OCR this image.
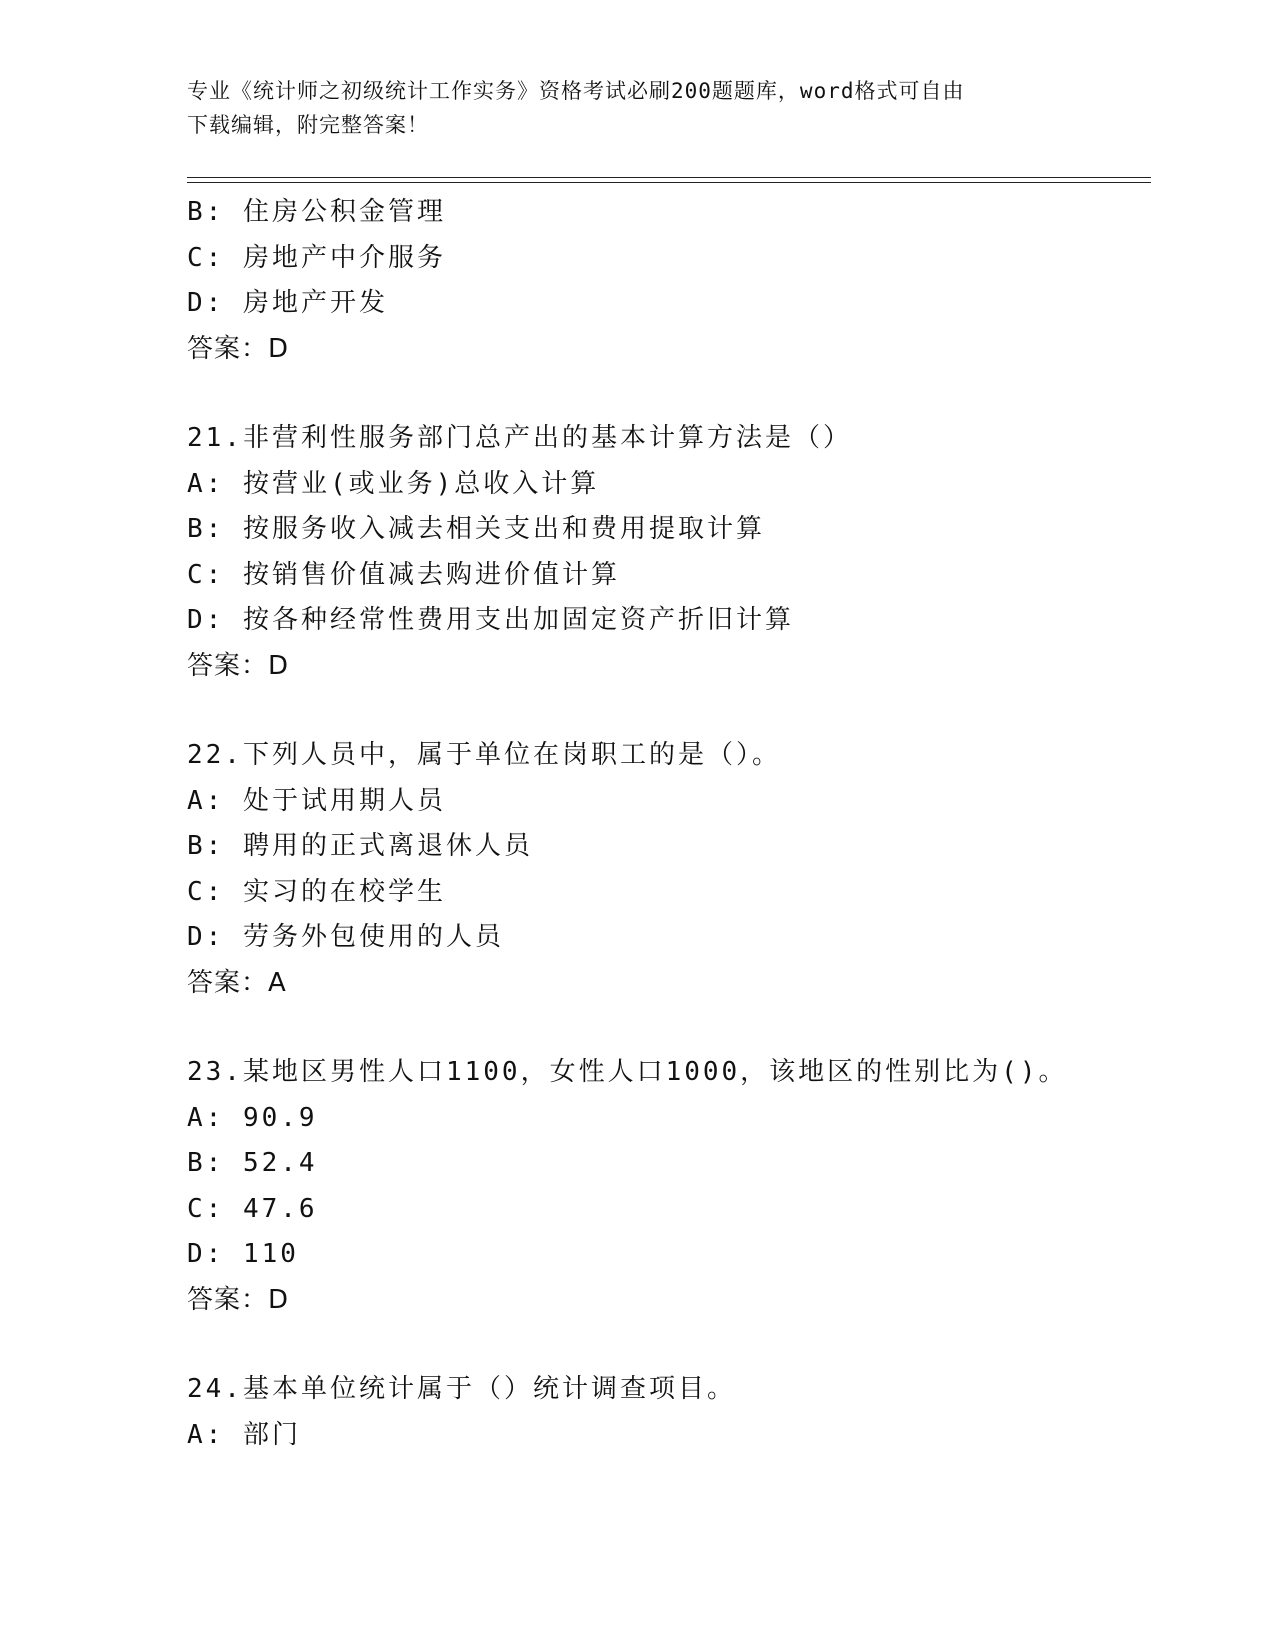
专业《统计师之初级统计工作实务》资格考试必刷200题题库，word格式可自由
下载编辑，附完整答案！
B: 住房公积金管理
C: 房地产中介服务
D: 房地产开发
答案：D
21.非营利性服务部门总产出的基本计算方法是（）
A: 按营业(或业务)总收入计算
B: 按服务收入减去相关支出和费用提取计算
C: 按销售价值减去购进价值计算
D: 按各种经常性费用支出加固定资产折旧计算
答案：D
22.下列人员中，属于单位在岗职工的是（）。
A: 处于试用期人员
B: 聘用的正式离退休人员
C: 实习的在校学生
D: 劳务外包使用的人员
答案：A
23.某地区男性人口1100，女性人口1000，该地区的性别比为()。
A: 90.9
B: 52.4
C: 47.6
D: 110
答案：D
24.基本单位统计属于（）统计调查项目。
A: 部门
